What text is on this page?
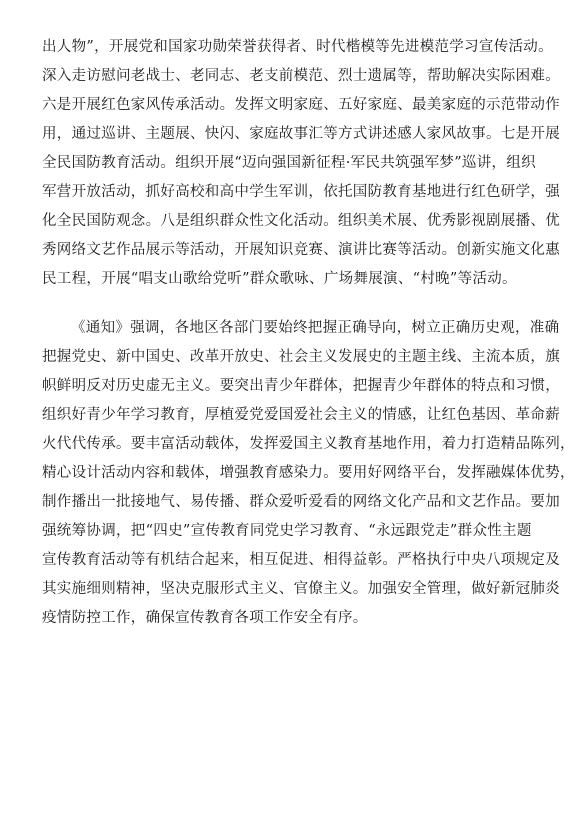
出人物”，开展党和国家功勋荣誉获得者、时代楷模等先进模范学习宣传活动。
深入走访慰问老战士、老同志、老支前模范、烈士遗属等，帮助解决实际困难。
六是开展红色家风传承活动。发挥文明家庭、五好家庭、最美家庭的示范带动作
用，通过巡讲、主题展、快闪、家庭故事汇等方式讲述感人家风故事。七是开展
全民国防教育活动。组织开展“迈向强国新征程·军民共筑强军梦”巡讲，组织
军营开放活动，抓好高校和高中学生军训，依托国防教育基地进行红色研学，强
化全民国防观念。八是组织群众性文化活动。组织美术展、优秀影视剧展播、优
秀网络文艺作品展示等活动，开展知识竞赛、演讲比赛等活动。创新实施文化惠
民工程，开展“唱支山歌给党听”群众歌咏、广场舞展演、“村晚”等活动。
《通知》强调，各地区各部门要始终把握正确导向，树立正确历史观，准确
把握党史、新中国史、改革开放史、社会主义发展史的主题主线、主流本质，旗
帜鲜明反对历史虚无主义。要突出青少年群体，把握青少年群体的特点和习惯，
组织好青少年学习教育，厚植爱党爱国爱社会主义的情感，让红色基因、革命薪
火代代传承。要丰富活动载体，发挥爱国主义教育基地作用，着力打造精品陈列，
精心设计活动内容和载体，增强教育感染力。要用好网络平台，发挥融媒体优势，
制作播出一批接地气、易传播、群众爱听爱看的网络文化产品和文艺作品。要加
强统筹协调，把“四史”宣传教育同党史学习教育、“永远跟党走”群众性主题
宣传教育活动等有机结合起来，相互促进、相得益彰。严格执行中央八项规定及
其实施细则精神，坚决克服形式主义、官僚主义。加强安全管理，做好新冠肺炎
疫情防控工作，确保宣传教育各项工作安全有序。
